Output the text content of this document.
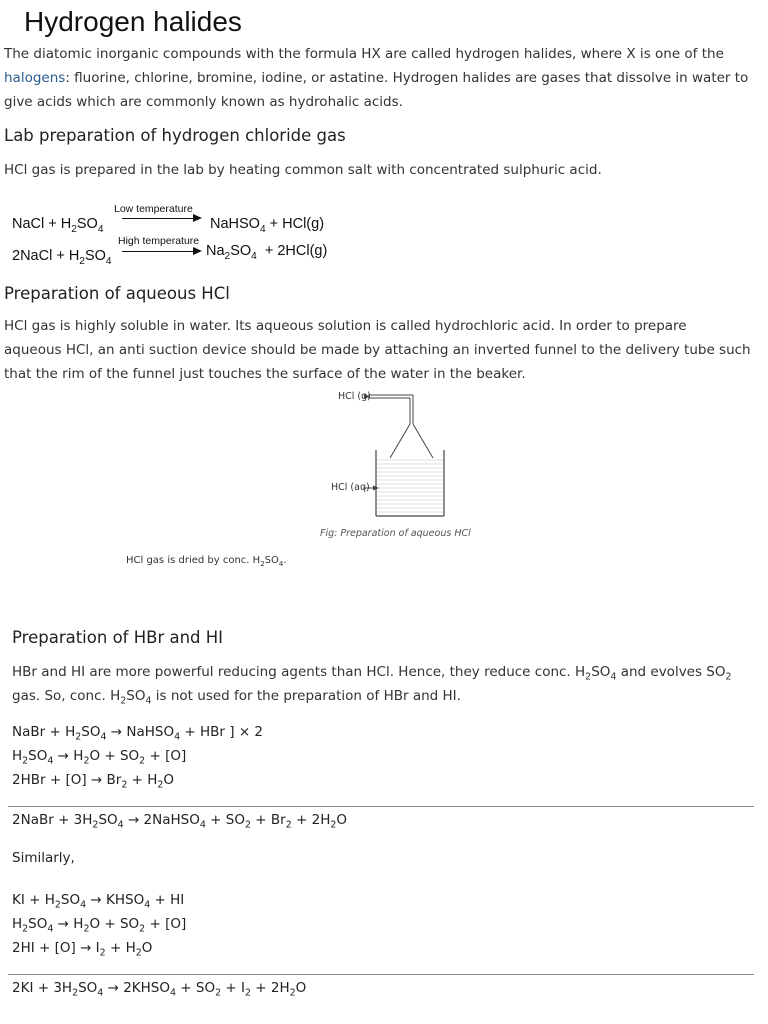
Hydrogen halides
The diatomic inorganic compounds with the formula HX are called hydrogen halides, where X is one of the
halogens: fluorine, chlorine, bromine, iodine, or astatine. Hydrogen halides are gases that dissolve in water to
give acids which are commonly known as hydrohalic acids.
Lab preparation of hydrogen chloride gas
HCl gas is prepared in the lab by heating common salt with concentrated sulphuric acid.
NaCl + $H_2SO_4$
Low temperature
NaHSO$_4$ + HCl(g)
High temperature
2NaCl + $H_2SO_4$
$Na_2SO_4 + 2HCl(g)$
Preparation of aqueous HCl
HCl gas is highly soluble in water. Its aqueous solution is called hydrochloric acid. In order to prepare
aqueous HCl, an anti suction device should be made by attaching an inverted funnel to the delivery tube such
that the rim of the funnel just touches the surface of the water in the beaker.
HCl (g)
HCl (aq)
Fig: Preparation of aqueous HCl
HCl gas is dried by conc. $H_2SO_4$.
Preparation of HBr and HI
HBr and HI are more powerful reducing agents than HCl. Hence, they reduce conc. $H_2SO_4$ and evolves $SO_2$
gas. So, conc. $H_2SO_4$ is not used for the preparation of HBr and HI.
NaBr + $H_2SO_4$ → NaHSO$_4$ + HBr ] × 2
$H_2SO_4 \to H_2O + SO_2 + [O]$
$2HBr + [O] \to Br_2 + H_2O$
2NaBr + $3H_2SO_4$ → 2NaHSO$_4$ + $SO_2 + Br_2 + 2H_2O$
Similarly,
KI + $H_2SO_4$ → $KHSO_4$ + HI
$H_2SO_4 \to H_2O + SO_2 + [O]$
$2HI + [O] \to I_2 + H_2O$
$2KI + 3H_2SO_4$ → $2KHSO_4 + SO_2 + I_2 + 2H_2O$
